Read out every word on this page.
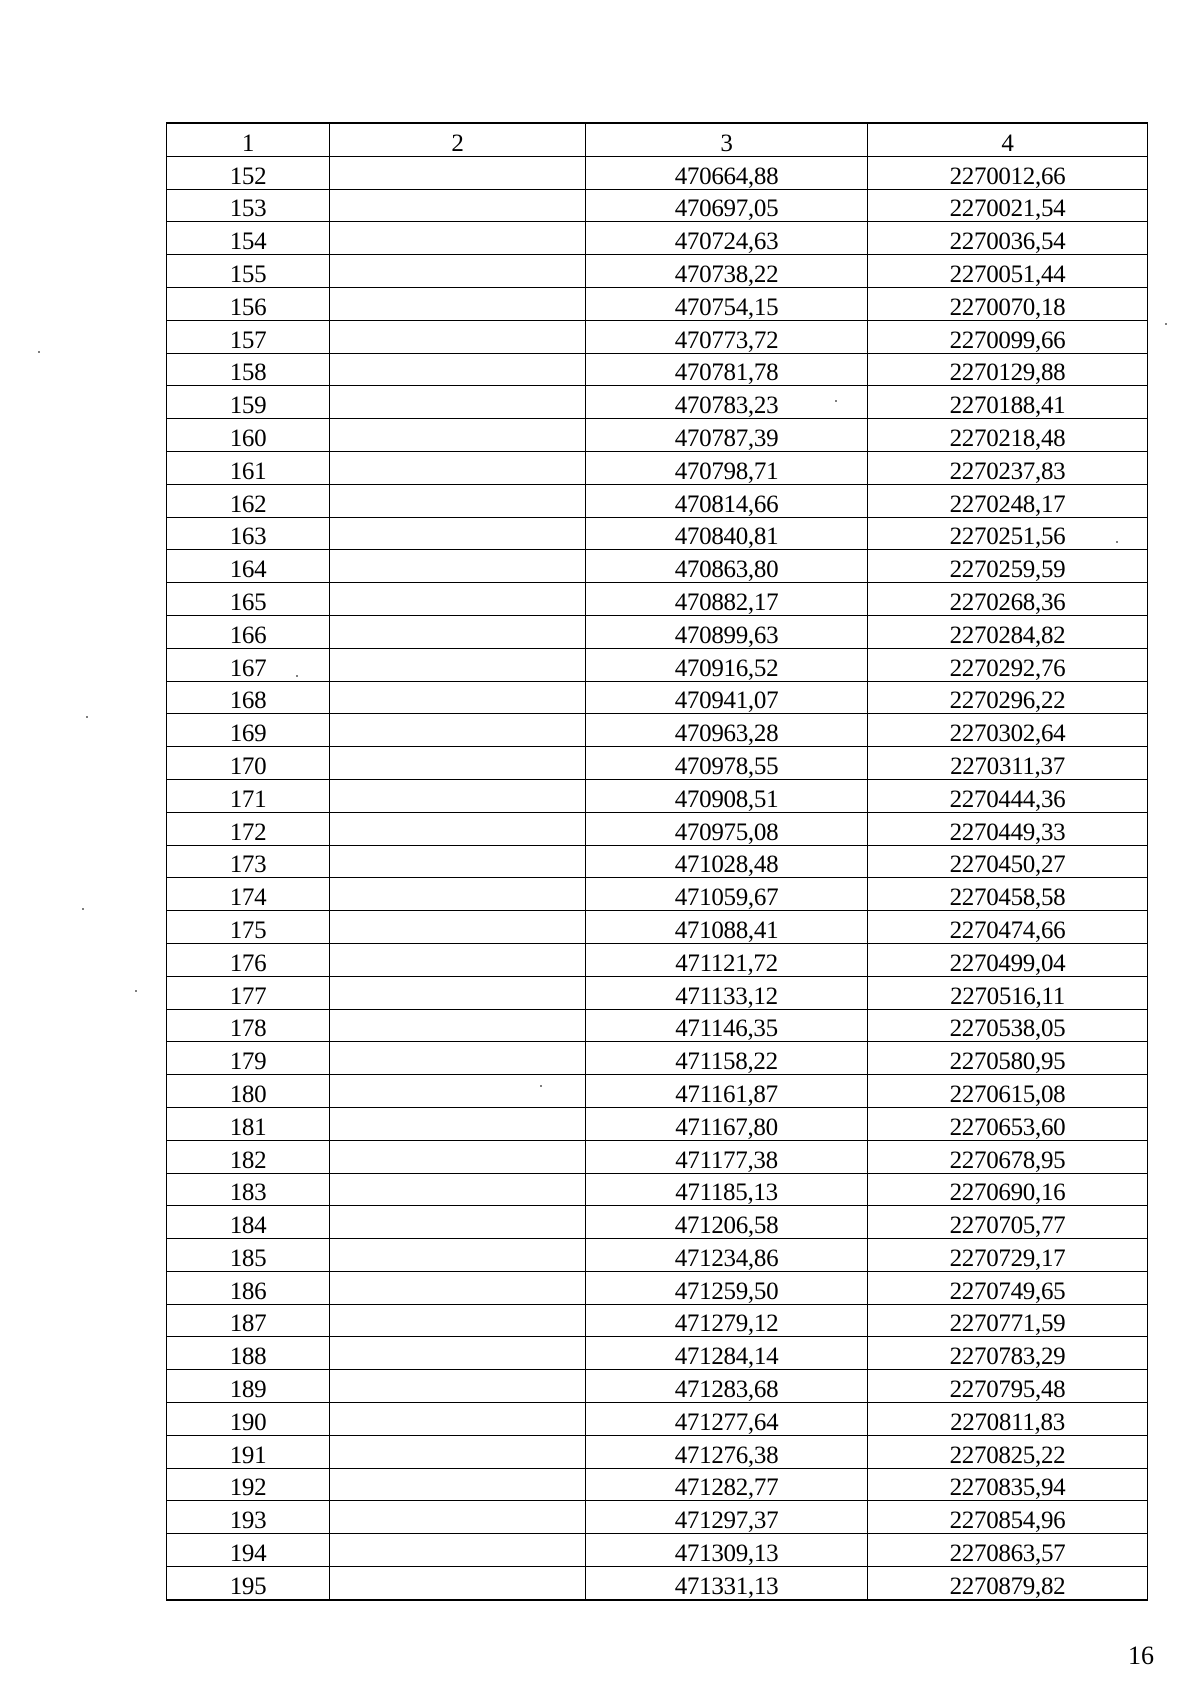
1	2	3	4
152		470664,88	2270012,66
153		470697,05	2270021,54
154		470724,63	2270036,54
155		470738,22	2270051,44
156		470754,15	2270070,18
157		470773,72	2270099,66
158		470781,78	2270129,88
159		470783,23	2270188,41
160		470787,39	2270218,48
161		470798,71	2270237,83
162		470814,66	2270248,17
163		470840,81	2270251,56
164		470863,80	2270259,59
165		470882,17	2270268,36
166		470899,63	2270284,82
167		470916,52	2270292,76
168		470941,07	2270296,22
169		470963,28	2270302,64
170		470978,55	2270311,37
171		470908,51	2270444,36
172		470975,08	2270449,33
173		471028,48	2270450,27
174		471059,67	2270458,58
175		471088,41	2270474,66
176		471121,72	2270499,04
177		471133,12	2270516,11
178		471146,35	2270538,05
179		471158,22	2270580,95
180		471161,87	2270615,08
181		471167,80	2270653,60
182		471177,38	2270678,95
183		471185,13	2270690,16
184		471206,58	2270705,77
185		471234,86	2270729,17
186		471259,50	2270749,65
187		471279,12	2270771,59
188		471284,14	2270783,29
189		471283,68	2270795,48
190		471277,64	2270811,83
191		471276,38	2270825,22
192		471282,77	2270835,94
193		471297,37	2270854,96
194		471309,13	2270863,57
195		471331,13	2270879,82
16
